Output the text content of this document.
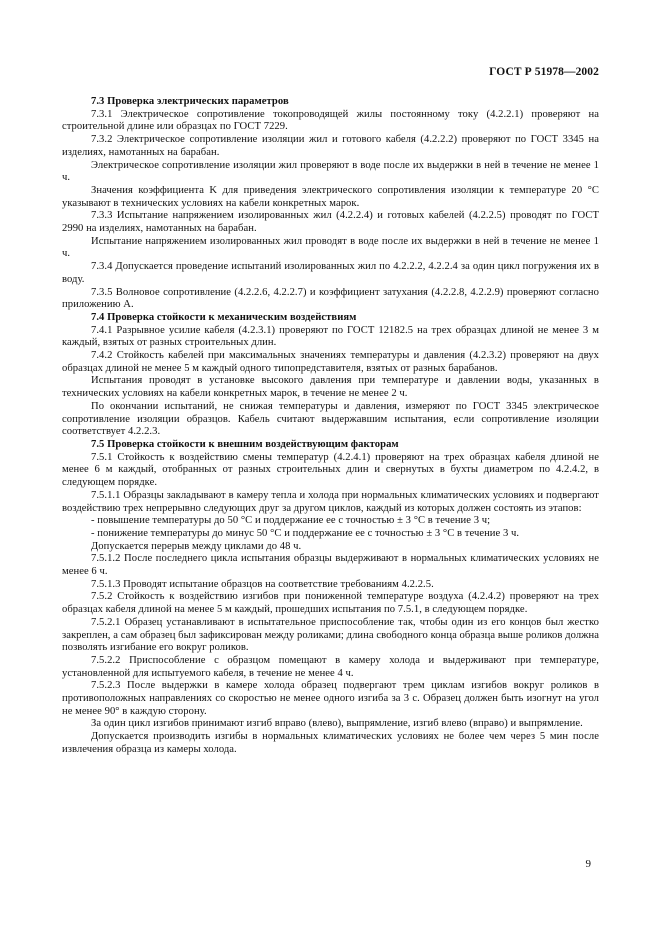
ГОСТ Р 51978—2002

7.3 Проверка электрических параметров

7.3.1 Электрическое сопротивление токопроводящей жилы постоянному току (4.2.2.1) проверяют на строительной длине или образцах по ГОСТ 7229.

7.3.2 Электрическое сопротивление изоляции жил и готового кабеля (4.2.2.2) проверяют по ГОСТ 3345 на изделиях, намотанных на барабан.

Электрическое сопротивление изоляции жил проверяют в воде после их выдержки в ней в течение не менее 1 ч.

Значения коэффициента K для приведения электрического сопротивления изоляции к температуре 20 °С указывают в технических условиях на кабели конкретных марок.

7.3.3 Испытание напряжением изолированных жил (4.2.2.4) и готовых кабелей (4.2.2.5) проводят по ГОСТ 2990 на изделиях, намотанных на барабан.

Испытание напряжением изолированных жил проводят в воде после их выдержки в ней в течение не менее 1 ч.

7.3.4 Допускается проведение испытаний изолированных жил по 4.2.2.2, 4.2.2.4 за один цикл погружения их в воду.

7.3.5 Волновое сопротивление (4.2.2.6, 4.2.2.7) и коэффициент затухания (4.2.2.8, 4.2.2.9) проверяют согласно приложению А.

7.4 Проверка стойкости к механическим воздействиям

7.4.1 Разрывное усилие кабеля (4.2.3.1) проверяют по ГОСТ 12182.5 на трех образцах длиной не менее 3 м каждый, взятых от разных строительных длин.

7.4.2 Стойкость кабелей при максимальных значениях температуры и давления (4.2.3.2) проверяют на двух образцах длиной не менее 5 м каждый одного типопредставителя, взятых от разных барабанов.

Испытания проводят в установке высокого давления при температуре и давлении воды, указанных в технических условиях на кабели конкретных марок, в течение не менее 2 ч.

По окончании испытаний, не снижая температуры и давления, измеряют по ГОСТ 3345 электрическое сопротивление изоляции образцов. Кабель считают выдержавшим испытания, если сопротивление изоляции соответствует 4.2.2.3.

7.5 Проверка стойкости к внешним воздействующим факторам

7.5.1 Стойкость к воздействию смены температур (4.2.4.1) проверяют на трех образцах кабеля длиной не менее 6 м каждый, отобранных от разных строительных длин и свернутых в бухты диаметром по 4.2.4.2, в следующем порядке.

7.5.1.1 Образцы закладывают в камеру тепла и холода при нормальных климатических условиях и подвергают воздействию трех непрерывно следующих друг за другом циклов, каждый из которых должен состоять из этапов:

- повышение температуры до 50 °С и поддержание ее с точностью ± 3 °С в течение 3 ч;

- понижение температуры до минус 50 °С и поддержание ее с точностью ± 3 °С в течение 3 ч.

Допускается перерыв между циклами до 48 ч.

7.5.1.2 После последнего цикла испытания образцы выдерживают в нормальных климатических условиях не менее 6 ч.

7.5.1.3 Проводят испытание образцов на соответствие требованиям 4.2.2.5.

7.5.2 Стойкость к воздействию изгибов при пониженной температуре воздуха (4.2.4.2) проверяют на трех образцах кабеля длиной на менее 5 м каждый, прошедших испытания по 7.5.1, в следующем порядке.

7.5.2.1 Образец устанавливают в испытательное приспособление так, чтобы один из его концов был жестко закреплен, а сам образец был зафиксирован между роликами; длина свободного конца образца выше роликов должна позволять изгибание его вокруг роликов.

7.5.2.2 Приспособление с образцом помещают в камеру холода и выдерживают при температуре, установленной для испытуемого кабеля, в течение не менее 4 ч.

7.5.2.3 После выдержки в камере холода образец подвергают трем циклам изгибов вокруг роликов в противоположных направлениях со скоростью не менее одного изгиба за 3 с. Образец должен быть изогнут на угол не менее 90° в каждую сторону.

За один цикл изгибов принимают изгиб вправо (влево), выпрямление, изгиб влево (вправо) и выпрямление.

Допускается производить изгибы в нормальных климатических условиях не более чем через 5 мин после извлечения образца из камеры холода.

9
